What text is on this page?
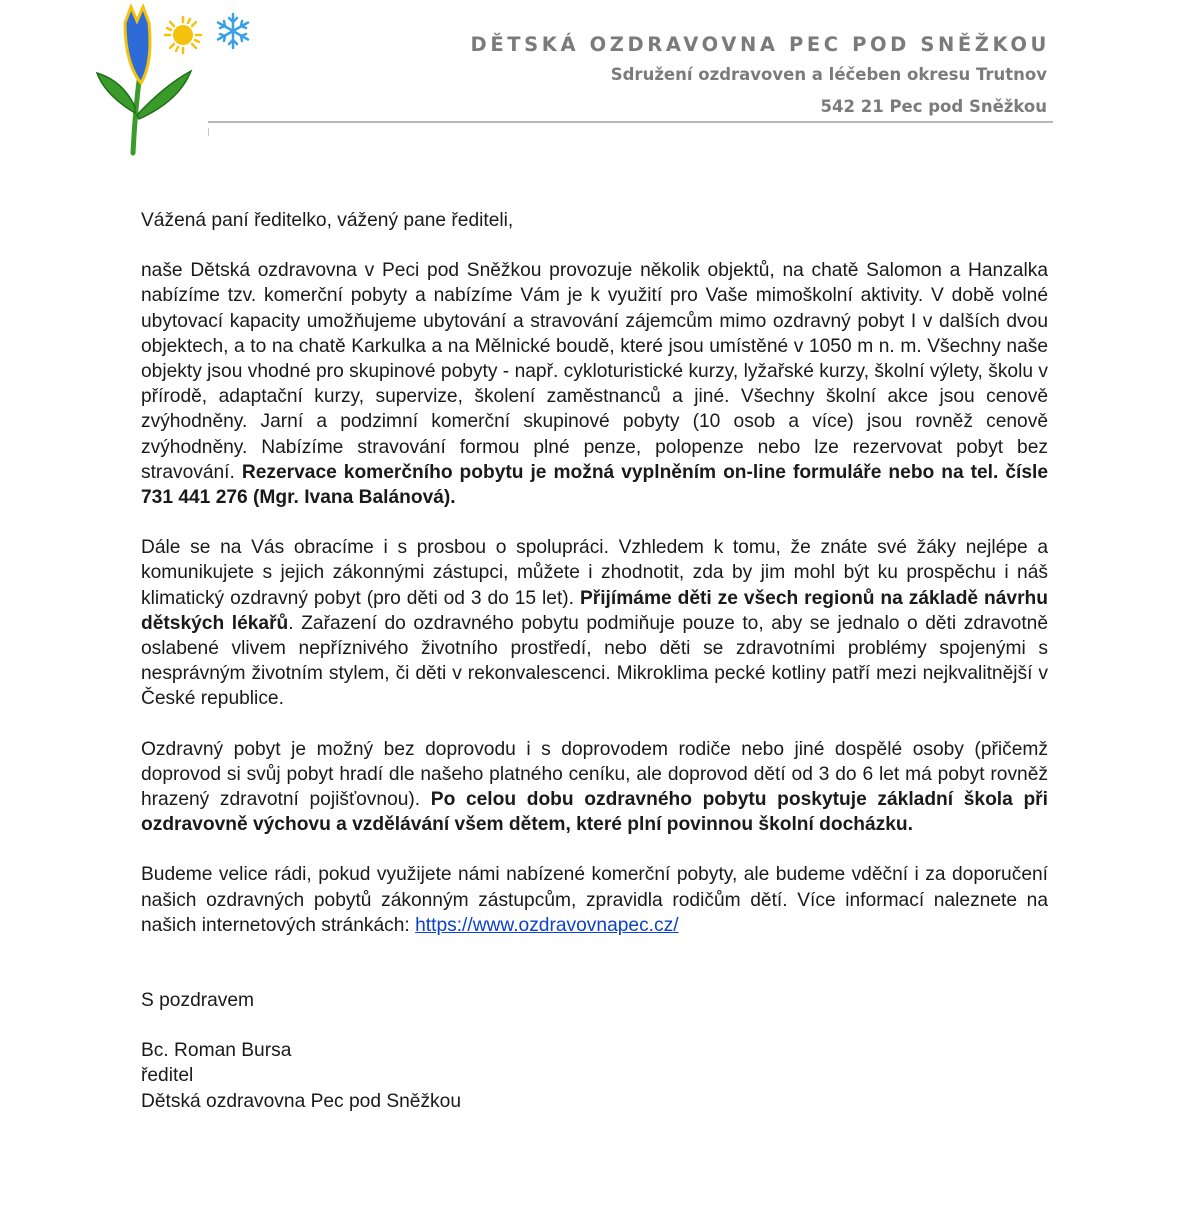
DĚTSKÁ OZDRAVOVNA PEC POD SNĚŽKOU
Sdružení ozdravoven a léčeben okresu Trutnov
542 21 Pec pod Sněžkou

Vážená paní ředitelko, vážený pane řediteli,

naše Dětská ozdravovna v Peci pod Sněžkou provozuje několik objektů, na chatě Salomon a Hanzalka nabízíme tzv. komerční pobyty a nabízíme Vám je k využití pro Vaše mimoškolní aktivity. V době volné ubytovací kapacity umožňujeme ubytování a stravování zájemcům mimo ozdravný pobyt I v dalších dvou objektech, a to na chatě Karkulka a na Mělnické boudě, které jsou umístěné v 1050 m n. m. Všechny naše objekty jsou vhodné pro skupinové pobyty - např. cykloturistické kurzy, lyžařské kurzy, školní výlety, školu v přírodě, adaptační kurzy, supervize, školení zaměstnanců a jiné. Všechny školní akce jsou cenově zvýhodněny. Jarní a podzimní komerční skupinové pobyty (10 osob a více) jsou rovněž cenově zvýhodněny. Nabízíme stravování formou plné penze, polopenze nebo lze rezervovat pobyt bez stravování. Rezervace komerčního pobytu je možná vyplněním on-line formuláře nebo na tel. čísle 731 441 276 (Mgr. Ivana Balánová).

Dále se na Vás obracíme i s prosbou o spolupráci. Vzhledem k tomu, že znáte své žáky nejlépe a komunikujete s jejich zákonnými zástupci, můžete i zhodnotit, zda by jim mohl být ku prospěchu i náš klimatický ozdravný pobyt (pro děti od 3 do 15 let). Přijímáme děti ze všech regionů na základě návrhu dětských lékařů. Zařazení do ozdravného pobytu podmiňuje pouze to, aby se jednalo o děti zdravotně oslabené vlivem nepříznivého životního prostředí, nebo děti se zdravotními problémy spojenými s nesprávným životním stylem, či děti v rekonvalescenci. Mikroklima pecké kotliny patří mezi nejkvalitnější v České republice.

Ozdravný pobyt je možný bez doprovodu i s doprovodem rodiče nebo jiné dospělé osoby (přičemž doprovod si svůj pobyt hradí dle našeho platného ceníku, ale doprovod dětí od 3 do 6 let má pobyt rovněž hrazený zdravotní pojišťovnou). Po celou dobu ozdravného pobytu poskytuje základní škola při ozdravovně výchovu a vzdělávání všem dětem, které plní povinnou školní docházku.

Budeme velice rádi, pokud využijete námi nabízené komerční pobyty, ale budeme vděční i za doporučení našich ozdravných pobytů zákonným zástupcům, zpravidla rodičům dětí. Více informací naleznete na našich internetových stránkách: https://www.ozdravovnapec.cz/

S pozdravem

Bc. Roman Bursa

ředitel

Dětská ozdravovna Pec pod Sněžkou
